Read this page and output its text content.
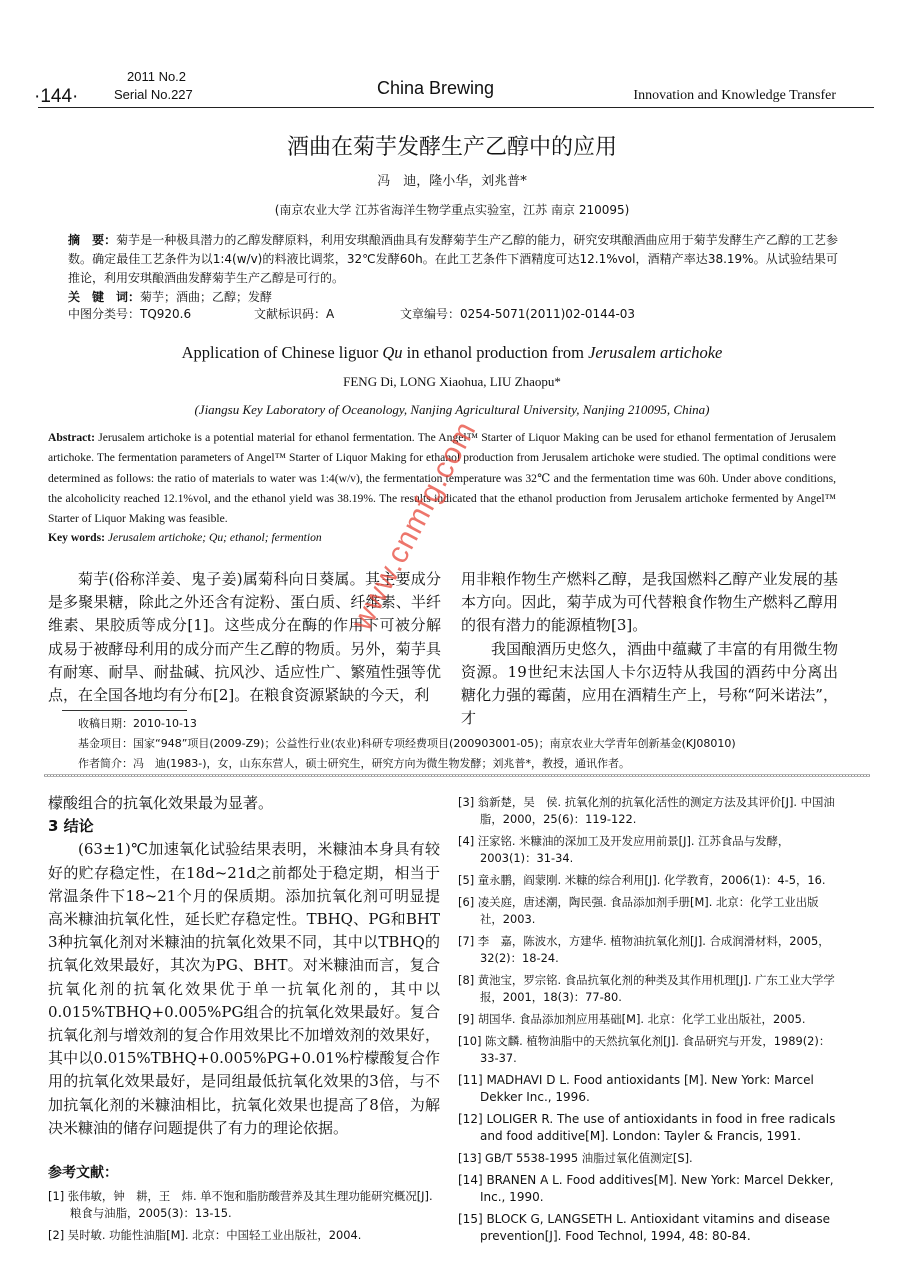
·144·
2011 No.2
Serial No.227	China Brewing	Innovation and Knowledge Transfer
酒曲在菊芋发酵生产乙醇中的应用
冯　迪，隆小华，刘兆普*
(南京农业大学 江苏省海洋生物学重点实验室，江苏 南京 210095)
摘　要：菊芋是一种极具潜力的乙醇发酵原料，利用安琪酿酒曲具有发酵菊芋生产乙醇的能力，研究安琪酿酒曲应用于菊芋发酵生产乙醇的工艺参数。确定最佳工艺条件为以1:4(w/v)的料液比调浆，32℃发酵60h。在此工艺条件下酒精度可达12.1%vol，酒精产率达38.19%。从试验结果可推论，利用安琪酿酒曲发酵菊芋生产乙醇是可行的。
关　键　词：菊芋；酒曲；乙醇；发酵
中图分类号：TQ920.6	文献标识码：A	文章编号：0254-5071(2011)02-0144-03
Application of Chinese liguor Qu in ethanol production from Jerusalem artichoke
FENG Di, LONG Xiaohua, LIU Zhaopu*
(Jiangsu Key Laboratory of Oceanology, Nanjing Agricultural University, Nanjing 210095, China)
Abstract: Jerusalem artichoke is a potential material for ethanol fermentation. The Angel™ Starter of Liquor Making can be used for ethanol fermentation of Jerusalem artichoke. The fermentation parameters of Angel™ Starter of Liquor Making for ethanol production from Jerusalem artichoke were studied. The optimal conditions were determined as follows: the ratio of materials to water was 1:4(w/v), the fermentation temperature was 32℃ and the fermentation time was 60h. Under above conditions, the alcoholicity reached 12.1%vol, and the ethanol yield was 38.19%. The results indicated that the ethanol production from Jerusalem artichoke fermented by Angel™ Starter of Liquor Making was feasible.
Key words: Jerusalem artichoke; Qu; ethanol; fermention
菊芋(俗称洋姜、鬼子姜)属菊科向日葵属。其主要成分是多聚果糖，除此之外还含有淀粉、蛋白质、纤维素、半纤维素、果胶质等成分[1]。这些成分在酶的作用下可被分解成易于被酵母利用的成分而产生乙醇的物质。另外，菊芋具有耐寒、耐旱、耐盐碱、抗风沙、适应性广、繁殖性强等优点，在全国各地均有分布[2]。在粮食资源紧缺的今天，利

用非粮作物生产燃料乙醇，是我国燃料乙醇产业发展的基本方向。因此，菊芋成为可代替粮食作物生产燃料乙醇用的很有潜力的能源植物[3]。

我国酿酒历史悠久，酒曲中蕴藏了丰富的有用微生物资源。19世纪末法国人卡尔迈特从我国的酒药中分离出糖化力强的霉菌，应用在酒精生产上，号称“阿米诺法”，才

收稿日期：2010-10-13
基金项目：国家“948”项目(2009-Z9)；公益性行业(农业)科研专项经费项目(200903001-05)；南京农业大学青年创新基金(KJ08010)
作者简介：冯　迪(1983-)，女，山东东营人，硕士研究生，研究方向为微生物发酵；刘兆普*，教授，通讯作者。

檬酸组合的抗氧化效果最为显著。

3 结论

(63±1)℃加速氧化试验结果表明，米糠油本身具有较好的贮存稳定性，在18d~21d之前都处于稳定期，相当于常温条件下18~21个月的保质期。添加抗氧化剂可明显提高米糠油抗氧化性，延长贮存稳定性。TBHQ、PG和BHT 3种抗氧化剂对米糠油的抗氧化效果不同，其中以TBHQ的抗氧化效果最好，其次为PG、BHT。对米糠油而言，复合抗氧化剂的抗氧化效果优于单一抗氧化剂的，其中以0.015%TBHQ+0.005%PG组合的抗氧化效果最好。复合抗氧化剂与增效剂的复合作用效果比不加增效剂的效果好，其中以0.015%TBHQ+0.005%PG+0.01%柠檬酸复合作用的抗氧化效果最好，是同组最低抗氧化效果的3倍，与不加抗氧化剂的米糠油相比，抗氧化效果也提高了8倍，为解决米糠油的储存问题提供了有力的理论依据。

参考文献：

[1] 张伟敏，钟　耕，王　炜. 单不饱和脂肪酸营养及其生理功能研究概况[J]. 粮食与油脂，2005(3)：13-15.

[2] 吴时敏. 功能性油脂[M]. 北京：中国轻工业出版社，2004.

[3] 翁新楚，吴　侯. 抗氧化剂的抗氧化活性的测定方法及其评价[J]. 中国油脂，2000，25(6)：119-122.

[4] 汪家铭. 米糠油的深加工及开发应用前景[J]. 江苏食品与发酵，2003(1)：31-34.

[5] 童永鹏，阎蒙刚. 米糠的综合利用[J]. 化学教育，2006(1)：4-5，16.

[6] 凌关庭，唐述潮，陶民强. 食品添加剂手册[M]. 北京：化学工业出版社，2003.

[7] 李　嘉，陈波水，方建华. 植物油抗氧化剂[J]. 合成润滑材料，2005，32(2)：18-24.

[8] 黄池宝，罗宗铭. 食品抗氧化剂的种类及其作用机理[J]. 广东工业大学学报，2001，18(3)：77-80.

[9] 胡国华. 食品添加剂应用基础[M]. 北京：化学工业出版社，2005.

[10] 陈文麟. 植物油脂中的天然抗氧化剂[J]. 食品研究与开发，1989(2)：33-37.

[11] MADHAVI D L. Food antioxidants [M]. New York: Marcel Dekker Inc., 1996.

[12] LOLIGER R. The use of antioxidants in food in free radicals and food additive[M]. London: Tayler & Francis, 1991.

[13] GB/T 5538-1995 油脂过氧化值测定[S].

[14] BRANEN A L. Food additives[M]. New York: Marcel Dekker, Inc., 1990.

[15] BLOCK G, LANGSETH L. Antioxidant vitamins and disease prevention[J]. Food Technol, 1994, 48: 80-84.

www.cnmfg.com
